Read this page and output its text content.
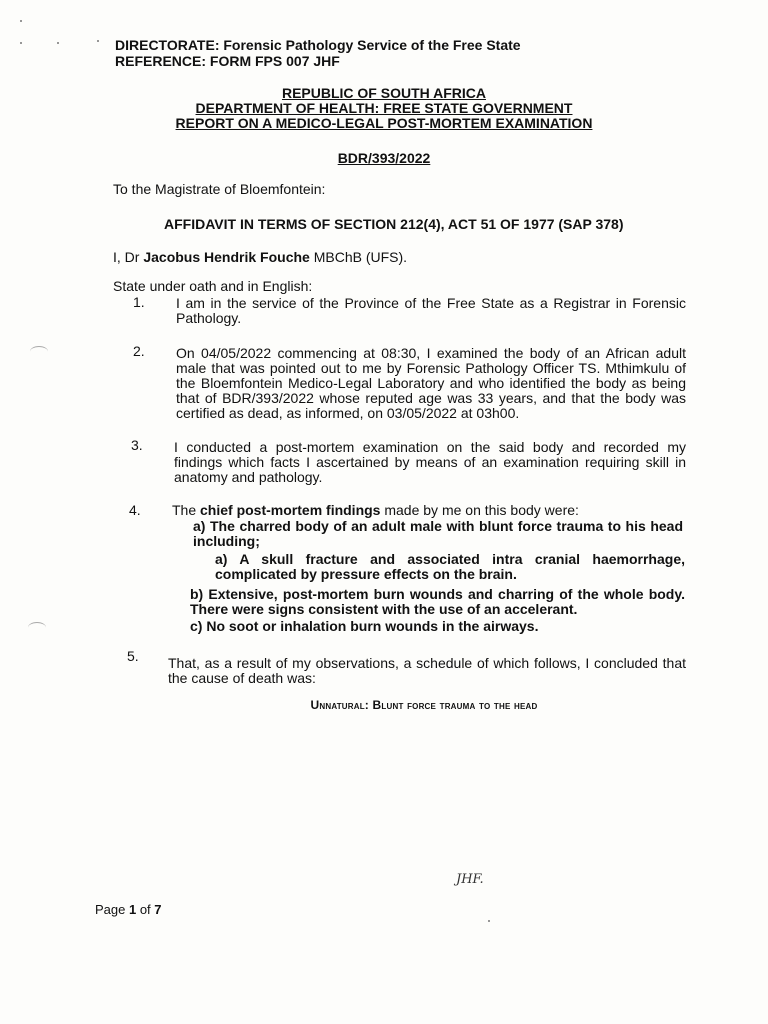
DIRECTORATE: Forensic Pathology Service of the Free State
REFERENCE: FORM FPS 007 JHF
REPUBLIC OF SOUTH AFRICA
DEPARTMENT OF HEALTH: FREE STATE GOVERNMENT
REPORT ON A MEDICO-LEGAL POST-MORTEM EXAMINATION
BDR/393/2022
To the Magistrate of Bloemfontein:
AFFIDAVIT IN TERMS OF SECTION 212(4), ACT 51 OF 1977 (SAP 378)
I, Dr Jacobus Hendrik Fouche MBChB (UFS).
State under oath and in English:
1. I am in the service of the Province of the Free State as a Registrar in Forensic Pathology.
2. On 04/05/2022 commencing at 08:30, I examined the body of an African adult male that was pointed out to me by Forensic Pathology Officer TS. Mthimkulu of the Bloemfontein Medico-Legal Laboratory and who identified the body as being that of BDR/393/2022 whose reputed age was 33 years, and that the body was certified as dead, as informed, on 03/05/2022 at 03h00.
3. I conducted a post-mortem examination on the said body and recorded my findings which facts I ascertained by means of an examination requiring skill in anatomy and pathology.
4. The chief post-mortem findings made by me on this body were:
a) The charred body of an adult male with blunt force trauma to his head including;
a) A skull fracture and associated intra cranial haemorrhage, complicated by pressure effects on the brain.
b) Extensive, post-mortem burn wounds and charring of the whole body. There were signs consistent with the use of an accelerant.
c) No soot or inhalation burn wounds in the airways.
5. That, as a result of my observations, a schedule of which follows, I concluded that the cause of death was:
Unnatural: Blunt force trauma to the head
JHF.
Page 1 of 7
